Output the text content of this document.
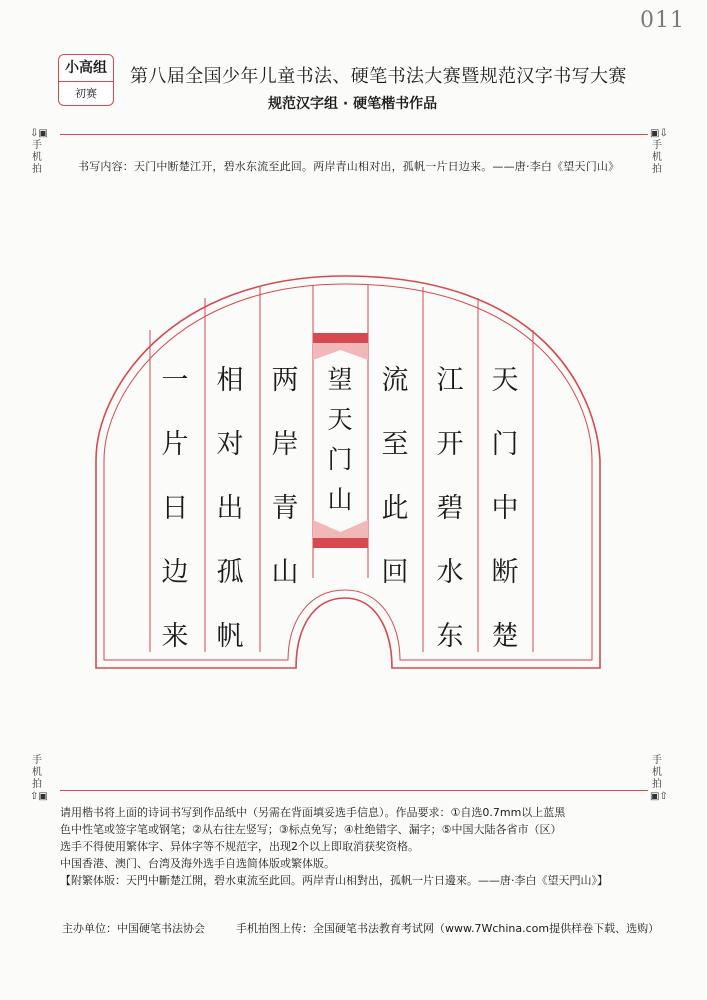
011
小高组
初赛
第八届全国少年儿童书法、硬笔书法大赛暨规范汉字书写大赛
规范汉字组 · 硬笔楷书作品
⇩▣
手机拍
▣⇩
手机拍
手机拍
⇧▣
手机拍
▣⇧
书写内容：天门中断楚江开，碧水东流至此回。两岸青山相对出，孤帆一片日边来。——唐·李白《望天门山》
望
天
门
山
天
门
中
断
楚
江
开
碧
水
东
流
至
此
回
两
岸
青
山
相
对
出
孤
帆
一
片
日
边
来
请用楷书将上面的诗词书写到作品纸中（另需在背面填妥选手信息）。作品要求：①自选0.7mm以上蓝黑
色中性笔或签字笔或钢笔；②从右往左竖写；③标点免写；④杜绝错字、漏字；⑤中国大陆各省市（区）
选手不得使用繁体字、异体字等不规范字，出现2个以上即取消获奖资格。
中国香港、澳门、台湾及海外选手自选简体版或繁体版。
【附繁体版：天門中斷楚江開，碧水東流至此回。两岸青山相對出，孤帆一片日邊來。——唐·李白《望天門山》】
主办单位：中国硬笔书法协会	手机拍图上传：全国硬笔书法教育考试网（www.7Wchina.com提供样卷下载、选购）
